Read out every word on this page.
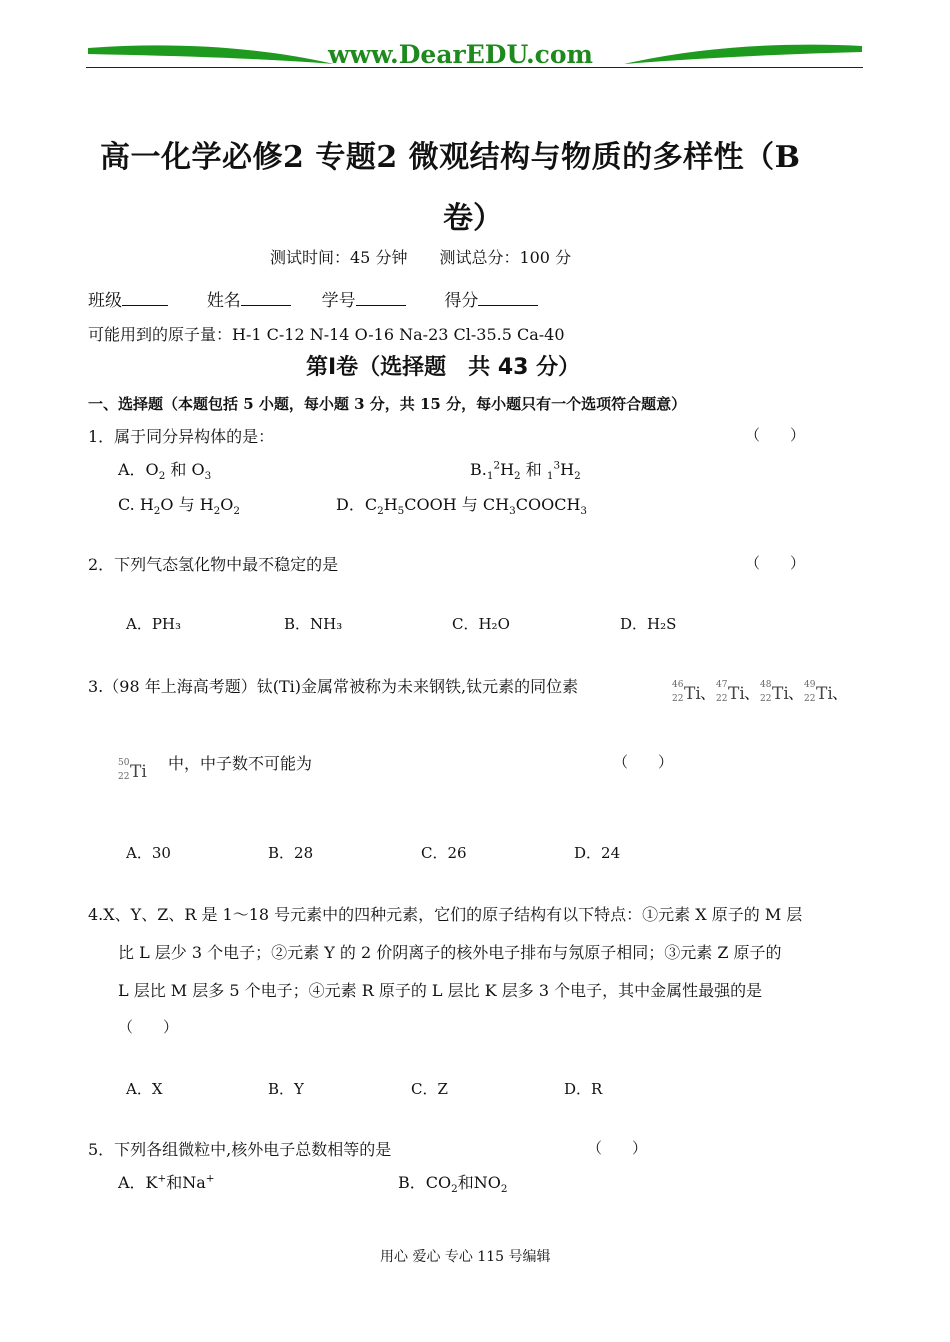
www.DearEDU.com
高一化学必修2 专题2 微观结构与物质的多样性（B
卷）
测试时间：45 分钟　　测试总分：100 分
班级	姓名	学号	得分
可能用到的原子量：H-1 C-12 N-14 O-16 Na-23 Cl-35.5 Ca-40
第Ⅰ卷（选择题　共 43 分）
一、选择题（本题包括 5 小题，每小题 3 分，共 15 分，每小题只有一个选项符合题意）
1．属于同分异构体的是：	（　　）
A．$O_2$ 和 $O_3$	$B._1^2H_2$ 和 $_1^3H_2$
C. $H_2O$ 与 $H_2O_2$	D．$C_2H_5COOH$ 与 $CH_3COOCH_3$
2．下列气态氢化物中最不稳定的是	（　　）
A．PH₃	B．NH₃	C．H₂O	D．H₂S
3.（98 年上海高考题）钛(Ti)金属常被称为未来钢铁,钛元素的同位素	46
22 Ti 、 47
22 Ti 、 48
22 Ti 、 49
22 Ti 、
50
22 Ti 中，中子数不可能为	（　　）
A．30	B．28	C．26	D．24
4.X、Y、Z、R 是 1～18 号元素中的四种元素，它们的原子结构有以下特点：①元素 X 原子的 M 层
比 L 层少 3 个电子；②元素 Y 的 2 价阴离子的核外电子排布与氖原子相同；③元素 Z 原子的
L 层比 M 层多 5 个电子；④元素 R 原子的 L 层比 K 层多 3 个电子，其中金属性最强的是
（　　）
A．X	B．Y	C．Z	D．R
5．下列各组微粒中,核外电子总数相等的是	（　　）
A．K+和Na+	B．$CO_2$和$NO_2$
用心 爱心 专心 115 号编辑
